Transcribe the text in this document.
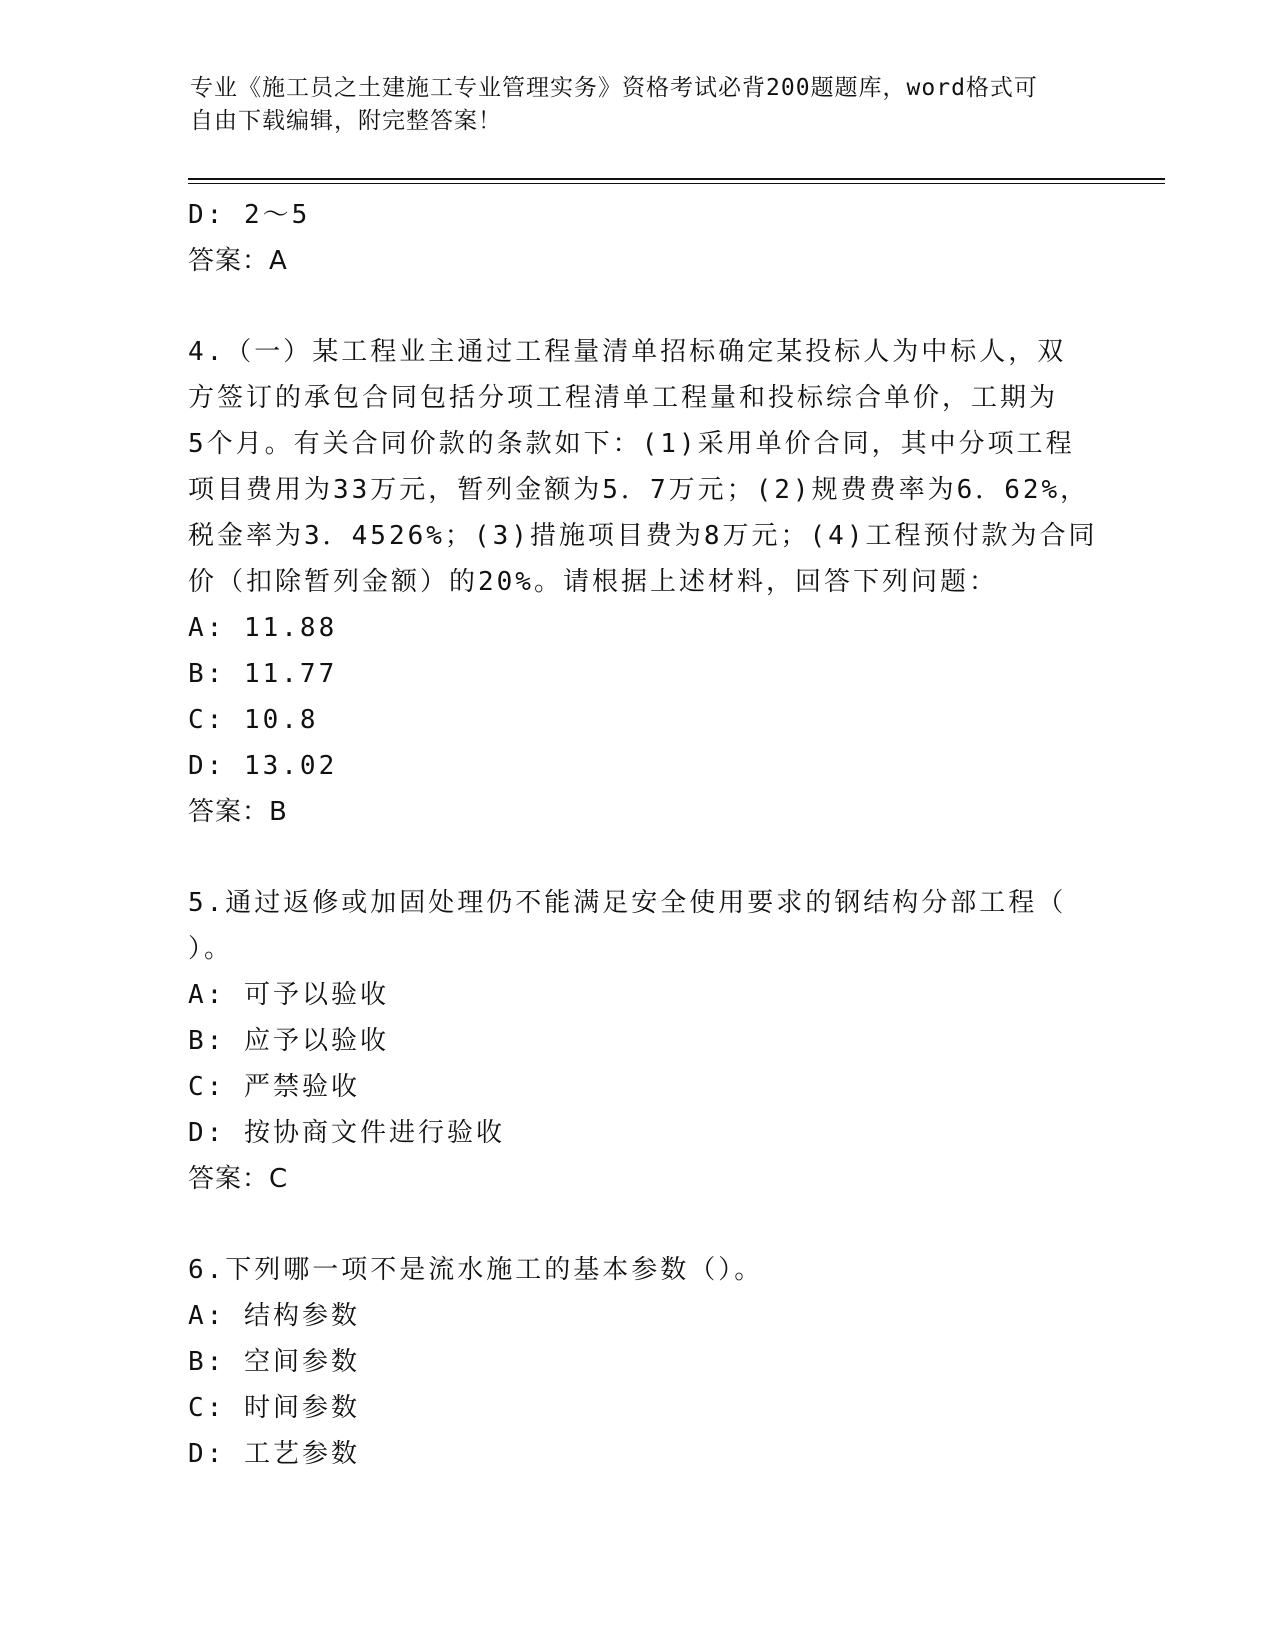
专业《施工员之土建施工专业管理实务》资格考试必背200题题库，word格式可
自由下载编辑，附完整答案！
D: 2～5
答案：A
4.（一）某工程业主通过工程量清单招标确定某投标人为中标人，双
方签订的承包合同包括分项工程清单工程量和投标综合单价，工期为
5个月。有关合同价款的条款如下：(1)采用单价合同，其中分项工程
项目费用为33万元，暂列金额为5．7万元；(2)规费费率为6．62%，
税金率为3．4526%；(3)措施项目费为8万元；(4)工程预付款为合同
价（扣除暂列金额）的20%。请根据上述材料，回答下列问题：
A: 11.88
B: 11.77
C: 10.8
D: 13.02
答案：B
5.通过返修或加固处理仍不能满足安全使用要求的钢结构分部工程（
）。
A: 可予以验收
B: 应予以验收
C: 严禁验收
D: 按协商文件进行验收
答案：C
6.下列哪一项不是流水施工的基本参数（）。
A: 结构参数
B: 空间参数
C: 时间参数
D: 工艺参数
